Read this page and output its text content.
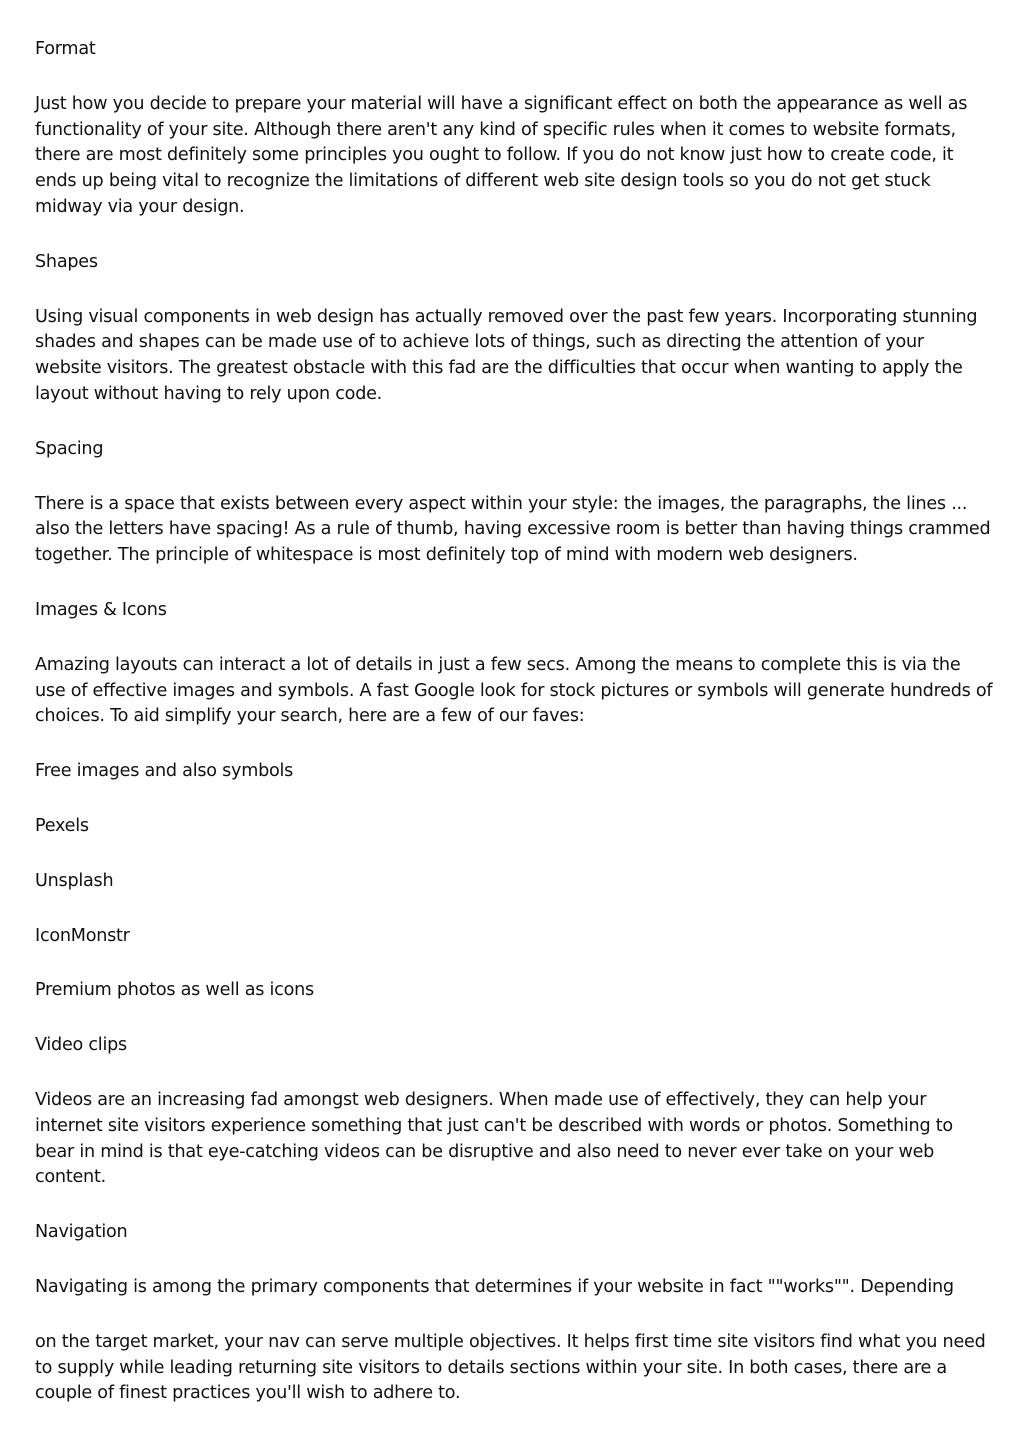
Format

Just how you decide to prepare your material will have a significant effect on both the appearance as well as functionality of your site. Although there aren't any kind of specific rules when it comes to website formats, there are most definitely some principles you ought to follow. If you do not know just how to create code, it ends up being vital to recognize the limitations of different web site design tools so you do not get stuck midway via your design.

Shapes

Using visual components in web design has actually removed over the past few years. Incorporating stunning shades and shapes can be made use of to achieve lots of things, such as directing the attention of your website visitors. The greatest obstacle with this fad are the difficulties that occur when wanting to apply the layout without having to rely upon code.

Spacing

There is a space that exists between every aspect within your style: the images, the paragraphs, the lines ... also the letters have spacing! As a rule of thumb, having excessive room is better than having things crammed together. The principle of whitespace is most definitely top of mind with modern web designers.

Images & Icons

Amazing layouts can interact a lot of details in just a few secs. Among the means to complete this is via the use of effective images and symbols. A fast Google look for stock pictures or symbols will generate hundreds of choices. To aid simplify your search, here are a few of our faves:

Free images and also symbols

Pexels

Unsplash

IconMonstr

Premium photos as well as icons

Video clips

Videos are an increasing fad amongst web designers. When made use of effectively, they can help your internet site visitors experience something that just can't be described with words or photos. Something to bear in mind is that eye-catching videos can be disruptive and also need to never ever take on your web content.

Navigation

Navigating is among the primary components that determines if your website in fact ""works"". Depending

on the target market, your nav can serve multiple objectives. It helps first time site visitors find what you need to supply while leading returning site visitors to details sections within your site. In both cases, there are a couple of finest practices you'll wish to adhere to.
